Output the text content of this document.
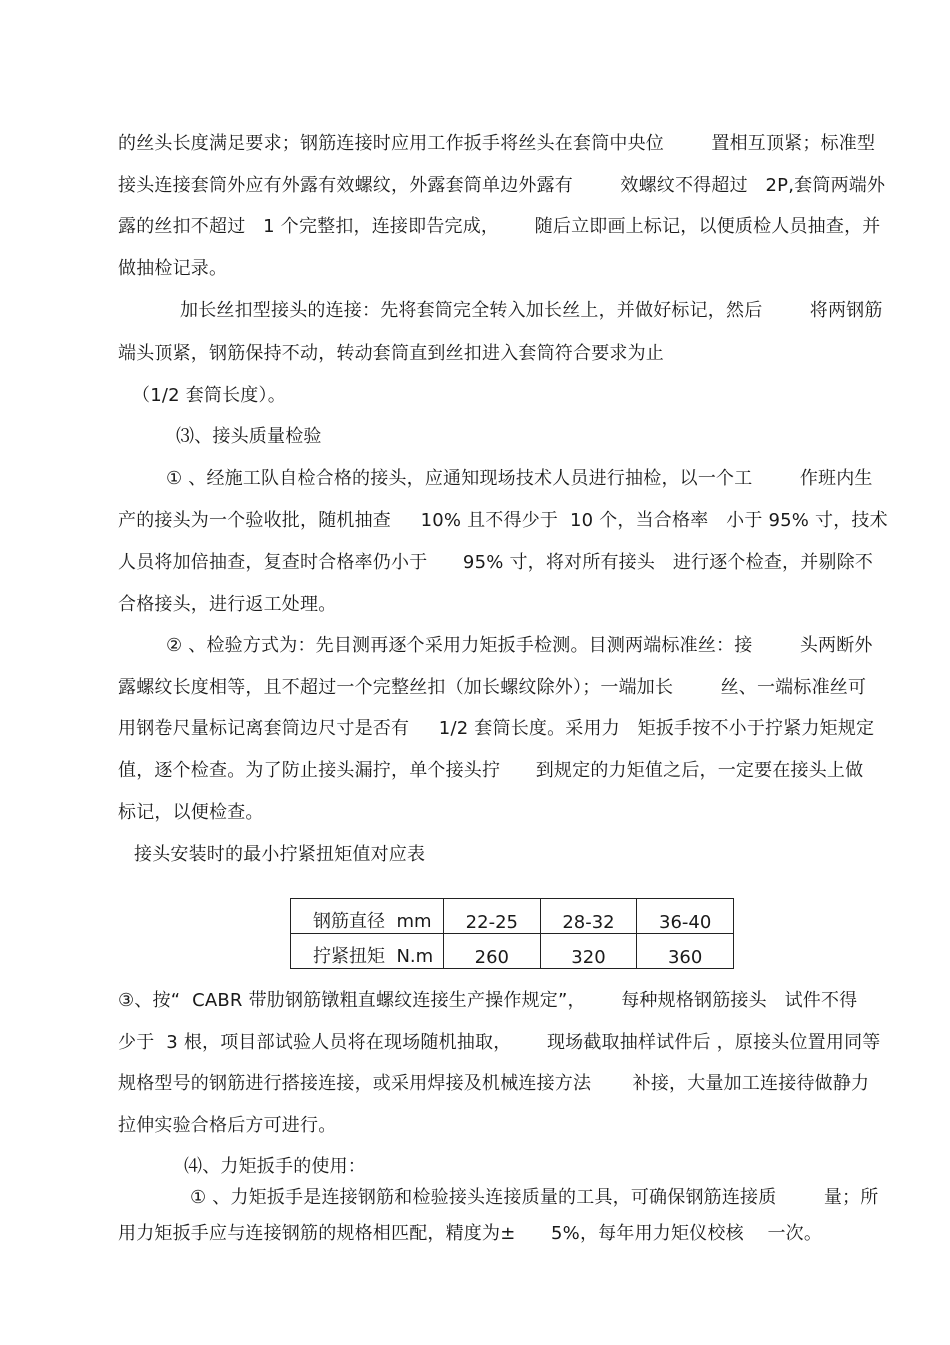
的丝头长度满足要求；钢筋连接时应用工作扳手将丝头在套筒中央位        置相互顶紧；标准型
接头连接套筒外应有外露有效螺纹，外露套筒单边外露有        效螺纹不得超过   2P,套筒两端外
露的丝扣不超过   1 个完整扣，连接即告完成，      随后立即画上标记，以便质检人员抽查，并
做抽检记录。
加长丝扣型接头的连接：先将套筒完全转入加长丝上，并做好标记，然后        将两钢筋
端头顶紧，钢筋保持不动，转动套筒直到丝扣进入套筒符合要求为止
（1/2 套筒长度）。
⑶、接头质量检验
① 、经施工队自检合格的接头，应通知现场技术人员进行抽检，以一个工        作班内生
产的接头为一个验收批，随机抽查     10% 且不得少于  10 个，当合格率   小于 95% 寸，技术
人员将加倍抽查，复查时合格率仍小于      95% 寸，将对所有接头   进行逐个检查，并剔除不
合格接头，进行返工处理。
② 、检验方式为：先目测再逐个采用力矩扳手检测。目测两端标准丝：接        头两断外
露螺纹长度相等，且不超过一个完整丝扣（加长螺纹除外）；一端加长        丝、一端标准丝可
用钢卷尺量标记离套筒边尺寸是否有     1/2 套筒长度。采用力   矩扳手按不小于拧紧力矩规定
值，逐个检查。为了防止接头漏拧，单个接头拧      到规定的力矩值之后，一定要在接头上做
标记，以便检查。
接头安装时的最小拧紧扭矩值对应表
③、按“  CABR 带肋钢筋镦粗直螺纹连接生产操作规定”，      每种规格钢筋接头   试件不得
少于  3 根，项目部试验人员将在现场随机抽取，      现场截取抽样试件后 ，原接头位置用同等
规格型号的钢筋进行搭接连接，或采用焊接及机械连接方法       补接，大量加工连接待做静力
拉伸实验合格后方可进行。
⑷、力矩扳手的使用：
① 、力矩扳手是连接钢筋和检验接头连接质量的工具，可确保钢筋连接质        量；所
用力矩扳手应与连接钢筋的规格相匹配，精度为±      5%，每年用力矩仪校核    一次。
钢筋直径  mm	22-25	28-32	36-40
拧紧扭矩  N.m	260	320	360
